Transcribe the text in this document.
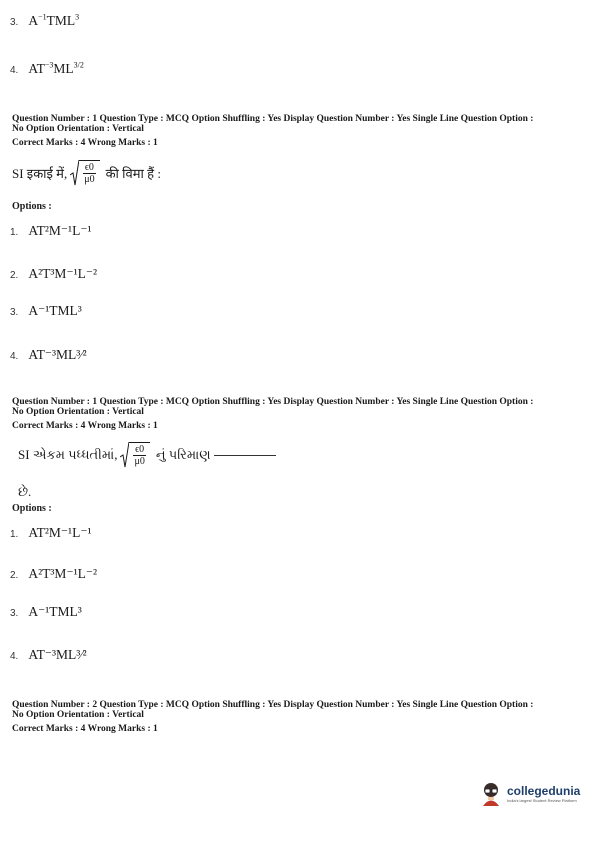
3. $A^{-1}TML^3$
4. $AT^{-3}ML^{3/2}$
Question Number : 1 Question Type : MCQ Option Shuffling : Yes Display Question Number : Yes Single Line Question Option :
No Option Orientation : Vertical
Correct Marks : 4 Wrong Marks : 1
SI इकाई में, $\frac{\epsilon 0}{\mu 0}$ की विमा हैं :
Options :
1. AT²M⁻¹L⁻¹
2. A²T³M⁻¹L⁻²
3. A⁻¹TML³
4. AT⁻³ML³⁄²
Question Number : 1 Question Type : MCQ Option Shuffling : Yes Display Question Number : Yes Single Line Question Option :
No Option Orientation : Vertical
Correct Marks : 4 Wrong Marks : 1
SI એકમ પધ્ધતીમાં, $\frac{\epsilon 0}{\mu 0}$ નું પરિમાણ
છે.
Options :
1. AT²M⁻¹L⁻¹
2. A²T³M⁻¹L⁻²
3. A⁻¹TML³
4. AT⁻³ML³⁄²
Question Number : 2 Question Type : MCQ Option Shuffling : Yes Display Question Number : Yes Single Line Question Option :
No Option Orientation : Vertical
Correct Marks : 4 Wrong Marks : 1
collegedunia
India's largest Student Review Platform
